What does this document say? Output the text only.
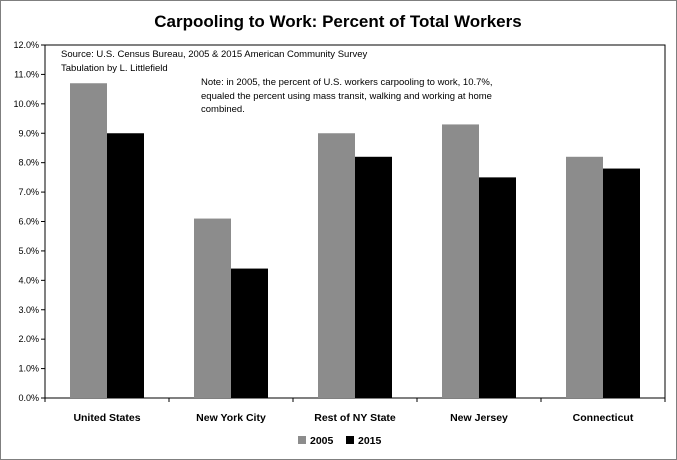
Carpooling to Work: Percent of Total Workers
0.0%
1.0%
2.0%
3.0%
4.0%
5.0%
6.0%
7.0%
8.0%
9.0%
10.0%
11.0%
12.0%
United States	New York City	Rest of NY State	New Jersey	Connecticut
Source: U.S. Census Bureau, 2005 & 2015 American Community Survey
Tabulation by L. Littlefield
Note: in 2005, the percent of U.S. workers carpooling to work, 10.7%,
equaled the percent using mass transit, walking and working at home
combined.
2005 2015
